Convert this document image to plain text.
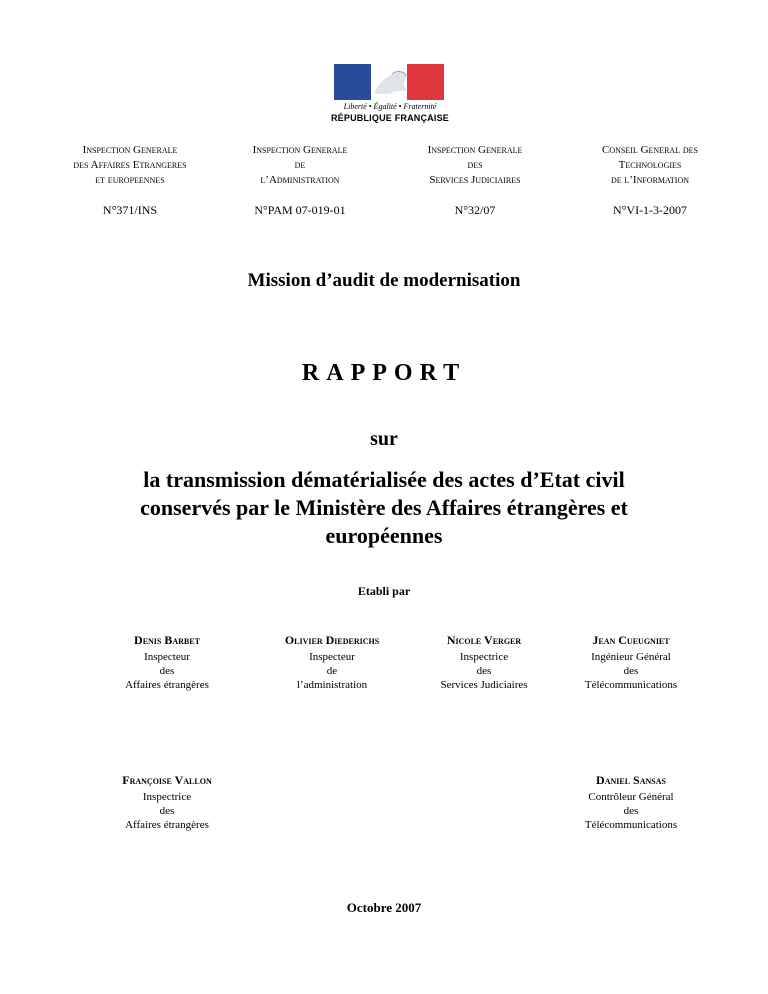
Liberté • Égalité • Fraternité
RÉPUBLIQUE FRANÇAISE
Inspection Generale
des Affaires Etrangeres
et europeennes
Inspection Generale
de
l’Administration
Inspection Generale
des
Services Judiciaires
Conseil General des
Technologies
de l’Information
N°371/INS	N°PAM 07-019-01	N°32/07	N°VI-1-3-2007
Mission d’audit de modernisation
RAPPORT
sur
la transmission dématérialisée des actes d’Etat civil
conservés par le Ministère des Affaires étrangères et
européennes
Etabli par
Denis Barbet
Inspecteur
des
Affaires étrangères
Olivier Diederichs
Inspecteur
de
l’administration
Nicole Verger
Inspectrice
des
Services Judiciaires
Jean Cueugniet
Ingénieur Général
des
Télécommunications
Françoise Vallon
Inspectrice
des
Affaires étrangères
Daniel Sansas
Contrôleur Général
des
Télécommunications
Octobre 2007
